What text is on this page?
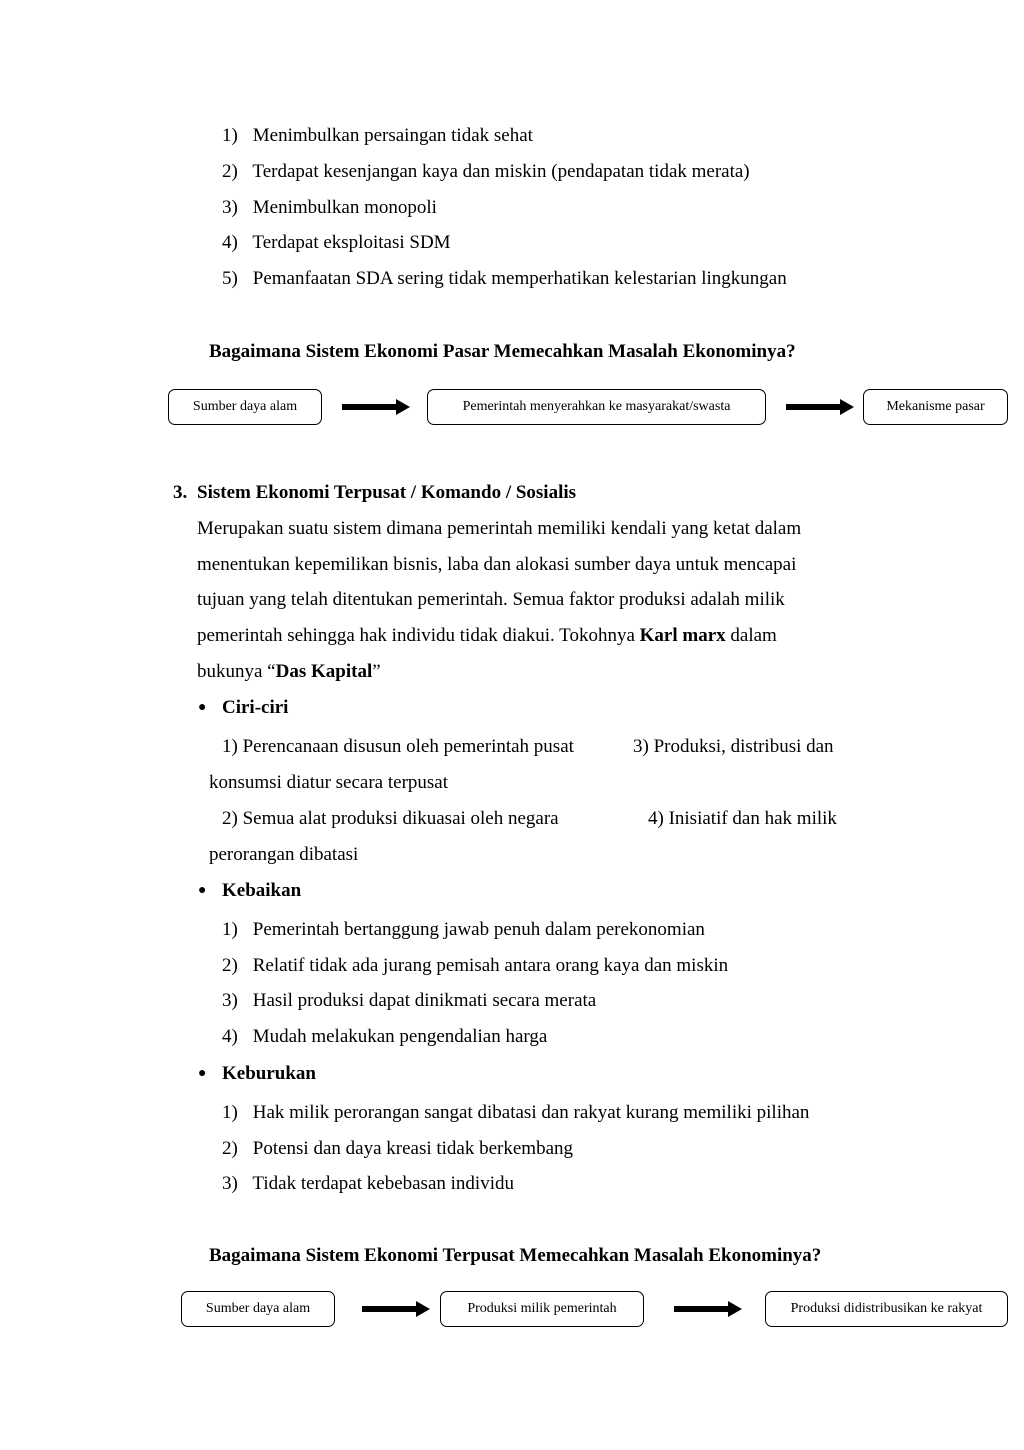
1) Menimbulkan persaingan tidak sehat
2) Terdapat kesenjangan kaya dan miskin (pendapatan tidak merata)
3) Menimbulkan monopoli
4) Terdapat eksploitasi SDM
5) Pemanfaatan SDA sering tidak memperhatikan kelestarian lingkungan
Bagaimana Sistem Ekonomi Pasar Memecahkan Masalah Ekonominya?
Sumber daya alam	Pemerintah menyerahkan ke masyarakat/swasta	Mekanisme pasar
3. Sistem Ekonomi Terpusat / Komando / Sosialis
Merupakan suatu sistem dimana pemerintah memiliki kendali yang ketat dalam
menentukan kepemilikan bisnis, laba dan alokasi sumber daya untuk mencapai
tujuan yang telah ditentukan pemerintah. Semua faktor produksi adalah milik
pemerintah sehingga hak individu tidak diakui. Tokohnya Karl marx dalam
bukunya “Das Kapital”
● Ciri-ciri
1) Perencanaan disusun oleh pemerintah pusat	3) Produksi, distribusi dan
konsumsi diatur secara terpusat
2) Semua alat produksi dikuasai oleh negara	4) Inisiatif dan hak milik
perorangan dibatasi
● Kebaikan
1) Pemerintah bertanggung jawab penuh dalam perekonomian
2) Relatif tidak ada jurang pemisah antara orang kaya dan miskin
3) Hasil produksi dapat dinikmati secara merata
4) Mudah melakukan pengendalian harga
● Keburukan
1) Hak milik perorangan sangat dibatasi dan rakyat kurang memiliki pilihan
2) Potensi dan daya kreasi tidak berkembang
3) Tidak terdapat kebebasan individu
Bagaimana Sistem Ekonomi Terpusat Memecahkan Masalah Ekonominya?
Sumber daya alam	Produksi milik pemerintah	Produksi didistribusikan ke rakyat
